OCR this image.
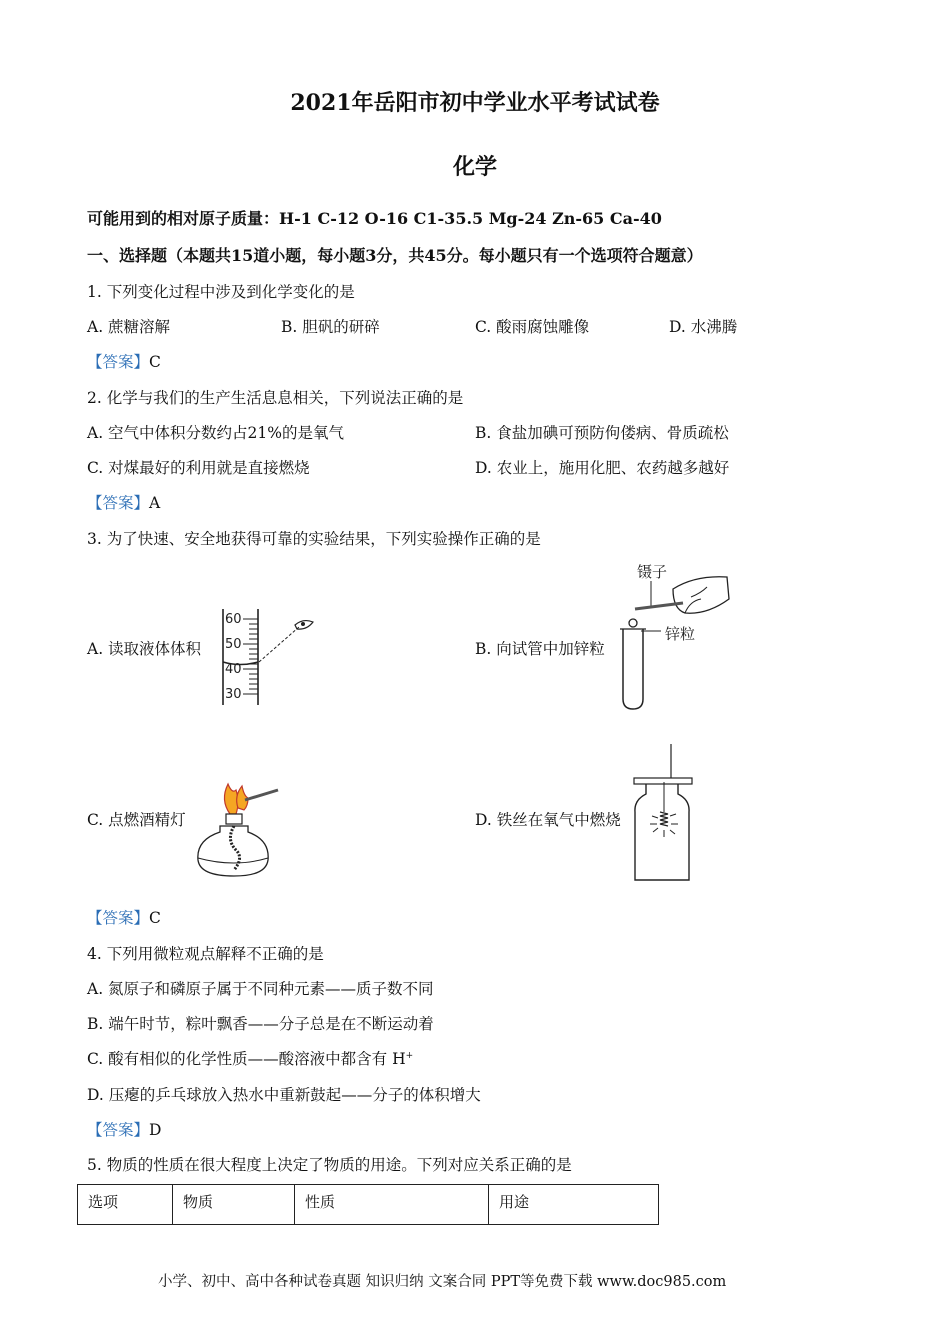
2021年岳阳市初中学业水平考试试卷
化学
可能用到的相对原子质量：H-1 C-12 O-16 C1-35.5 Mg-24 Zn-65 Ca-40
一、选择题（本题共15道小题，每小题3分，共45分。每小题只有一个选项符合题意）
1. 下列变化过程中涉及到化学变化的是
A. 蔗糖溶解	B. 胆矾的研碎	C. 酸雨腐蚀雕像	D. 水沸腾
【答案】C
2. 化学与我们的生产生活息息相关，下列说法正确的是
A. 空气中体积分数约占21%的是氧气	B. 食盐加碘可预防佝偻病、骨质疏松
C. 对煤最好的利用就是直接燃烧	D. 农业上，施用化肥、农药越多越好
【答案】A
3. 为了快速、安全地获得可靠的实验结果，下列实验操作正确的是
A. 读取液体体积	B. 向试管中加锌粒
C. 点燃酒精灯	D. 铁丝在氧气中燃烧
60
50
40
30
镊子
锌粒
【答案】C
4. 下列用微粒观点解释不正确的是
A. 氮原子和磷原子属于不同种元素——质子数不同
B. 端午时节，粽叶飘香——分子总是在不断运动着
C. 酸有相似的化学性质——酸溶液中都含有 H+
D. 压瘪的乒乓球放入热水中重新鼓起——分子的体积增大
【答案】D
5. 物质的性质在很大程度上决定了物质的用途。下列对应关系正确的是
选项	物质	性质	用途
小学、初中、高中各种试卷真题 知识归纳 文案合同 PPT等免费下载 www.doc985.com
